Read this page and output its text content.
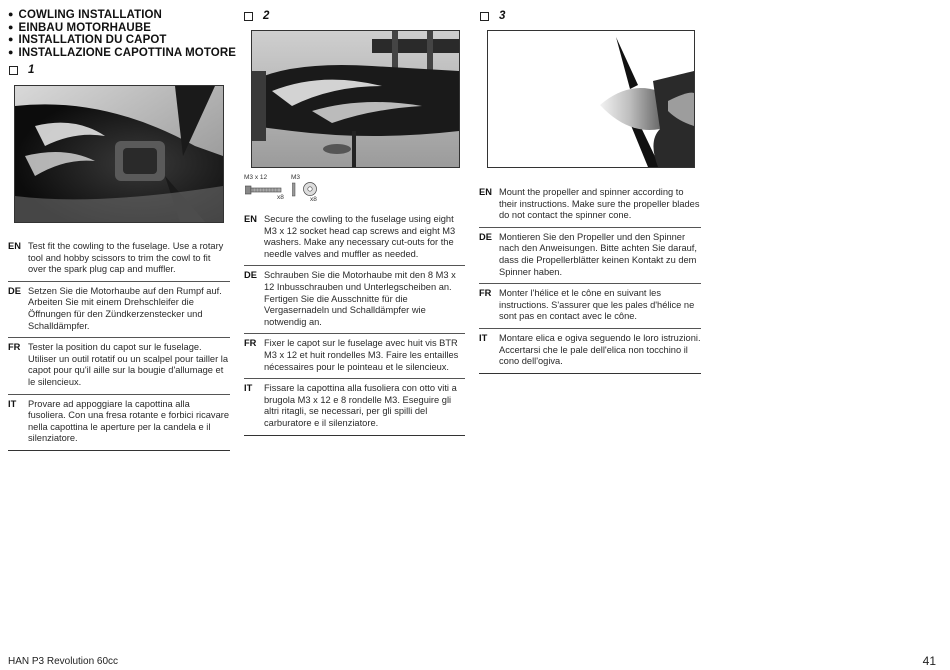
● COWLING INSTALLATION
● EINBAU MOTORHAUBE
● INSTALLATION DU CAPOT
● INSTALLAZIONE CAPOTTINA MOTORE
1
EN Test fit the cowling to the fuselage. Use a rotary tool and hobby scissors to trim the cowl to fit over the spark plug cap and muffler.
DE Setzen Sie die Motorhaube auf den Rumpf auf. Arbeiten Sie mit einem Drehschleifer die Öffnungen für den Zündkerzenstecker und Schalldämpfer.
FR Tester la position du capot sur le fuselage. Utiliser un outil rotatif ou un scalpel pour tailler la capot pour qu'il aille sur la bougie d'allumage et le silencieux.
IT	Provare ad appoggiare la capottina alla fusoliera. Con una fresa rotante e forbici ricavare nella capottina le aperture per la candela e il silenziatore.
2
M3 x 12
x8
M3
x8
EN Secure the cowling to the fuselage using eight M3 x 12 socket head cap screws and eight M3 washers. Make any necessary cut-outs for the needle valves and muffler as needed.
DE Schrauben Sie die Motorhaube mit den 8 M3 x 12 Inbusschrauben und Unterlegscheiben an. Fertigen Sie die Ausschnitte für die Vergasernadeln und Schalldämpfer wie notwendig an.
FR Fixer le capot sur le fuselage avec huit vis BTR M3 x 12 et huit rondelles M3. Faire les entailles nécessaires pour le pointeau et le silencieux.
IT	Fissare la capottina alla fusoliera con otto viti a brugola M3 x 12 e 8 rondelle M3. Eseguire gli altri ritagli, se necessari, per gli spilli del carburatore e il silenziatore.
3
EN Mount the propeller and spinner according to their instructions. Make sure the propeller blades do not contact the spinner cone.
DE Montieren Sie den Propeller und den Spinner nach den Anweisungen. Bitte achten Sie darauf, dass die Propellerblätter keinen Kontakt zu dem Spinner haben.
FR Monter l'hélice et le cône en suivant les instructions. S'assurer que les pales d'hélice ne sont pas en contact avec le cône.
IT	Montare elica e ogiva seguendo le loro istruzioni. Accertarsi che le pale dell'elica non tocchino il cono dell'ogiva.
HAN P3 Revolution 60cc	41
